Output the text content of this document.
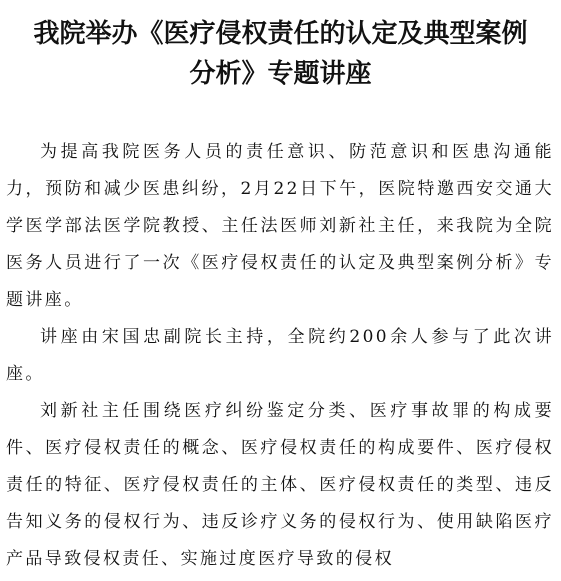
我院举办《医疗侵权责任的认定及典型案例
分析》专题讲座

为提高我院医务人员的责任意识、防范意识和医患沟通能力，预防和减少医患纠纷，2月22日下午，医院特邀西安交通大学医学部法医学院教授、主任法医师刘新社主任，来我院为全院医务人员进行了一次《医疗侵权责任的认定及典型案例分析》专题讲座。

讲座由宋国忠副院长主持，全院约200余人参与了此次讲座。

刘新社主任围绕医疗纠纷鉴定分类、医疗事故罪的构成要件、医疗侵权责任的概念、医疗侵权责任的构成要件、医疗侵权责任的特征、医疗侵权责任的主体、医疗侵权责任的类型、违反告知义务的侵权行为、违反诊疗义务的侵权行为、使用缺陷医疗产品导致侵权责任、实施过度医疗导致的侵权
